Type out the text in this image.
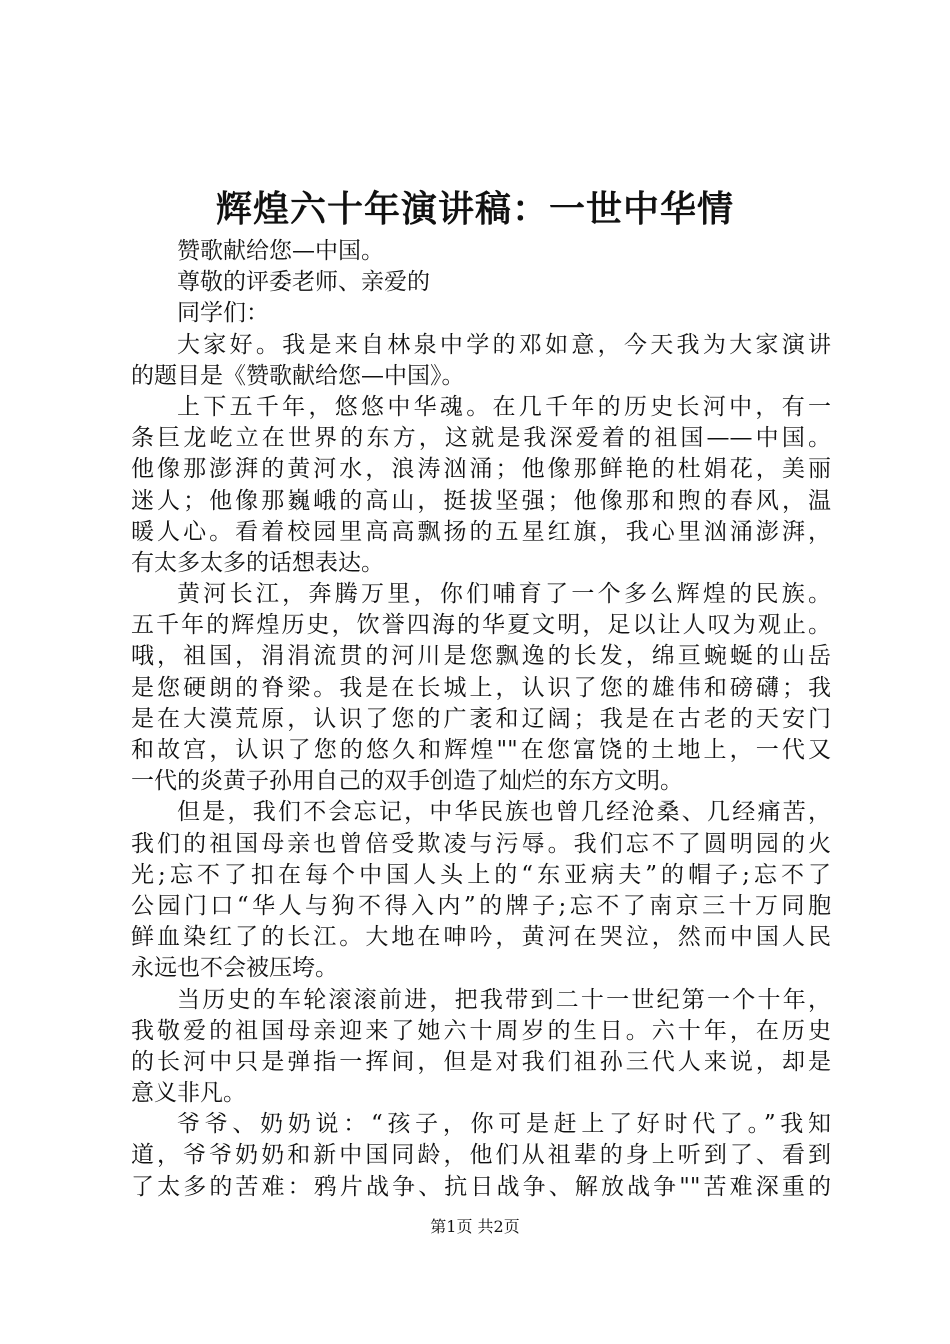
辉煌六十年演讲稿：一世中华情
赞歌献给您—中国。
尊敬的评委老师、亲爱的
同学们：
大家好。我是来自林泉中学的邓如意，今天我为大家演讲
的题目是《赞歌献给您—中国》。
上下五千年，悠悠中华魂。在几千年的历史长河中，有一
条巨龙屹立在世界的东方，这就是我深爱着的祖国——中国。
他像那澎湃的黄河水，浪涛汹涌；他像那鲜艳的杜娟花，美丽
迷人；他像那巍峨的高山，挺拔坚强；他像那和煦的春风，温
暖人心。看着校园里高高飘扬的五星红旗，我心里汹涌澎湃，
有太多太多的话想表达。
黄河长江，奔腾万里，你们哺育了一个多么辉煌的民族。
五千年的辉煌历史，饮誉四海的华夏文明，足以让人叹为观止。
哦，祖国，涓涓流贯的河川是您飘逸的长发，绵亘蜿蜒的山岳
是您硬朗的脊梁。我是在长城上，认识了您的雄伟和磅礴；我
是在大漠荒原，认识了您的广袤和辽阔；我是在古老的天安门
和故宫，认识了您的悠久和辉煌""在您富饶的土地上，一代又
一代的炎黄子孙用自己的双手创造了灿烂的东方文明。
但是，我们不会忘记，中华民族也曾几经沧桑、几经痛苦，
我们的祖国母亲也曾倍受欺凌与污辱。我们忘不了圆明园的火
光;忘不了扣在每个中国人头上的“东亚病夫”的帽子;忘不了
公园门口“华人与狗不得入内”的牌子;忘不了南京三十万同胞
鲜血染红了的长江。大地在呻吟，黄河在哭泣，然而中国人民
永远也不会被压垮。
当历史的车轮滚滚前进，把我带到二十一世纪第一个十年，
我敬爱的祖国母亲迎来了她六十周岁的生日。六十年，在历史
的长河中只是弹指一挥间，但是对我们祖孙三代人来说，却是
意义非凡。
爷爷、奶奶说：“孩子，你可是赶上了好时代了。”我知
道，爷爷奶奶和新中国同龄，他们从祖辈的身上听到了、看到
了太多的苦难：鸦片战争、抗日战争、解放战争""苦难深重的
第1页 共2页
